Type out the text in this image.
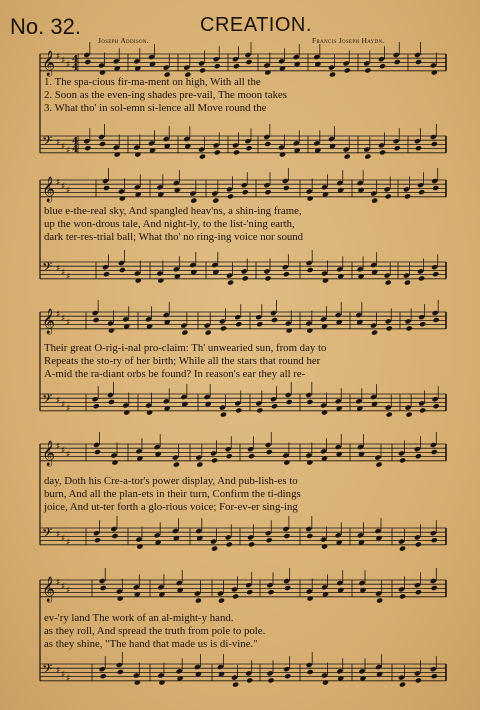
No. 32.	CREATION.
Joseph Addison.	Francis Joseph Haydn.
𝄞 ♯ ♯ ♯
𝄢 ♯ ♯ ♯
4
4
4
4
𝄞 ♯ ♯ ♯
𝄢 ♯ ♯ ♯
𝄞 ♯ ♯ ♯
𝄢 ♯ ♯ ♯
𝄞 ♯ ♯ ♯
𝄢 ♯ ♯ ♯
𝄞 ♯ ♯ ♯
𝄢 ♯ ♯ ♯
1. The spa-cious fir-ma-ment on high, With all the
2. Soon as the even-ing shades pre-vail, The moon takes
3. What tho' in sol-emn si-lence all Move round the
blue e-the-real sky, And spangled heav'ns, a shin-ing frame,
up the won-drous tale, And night-ly, to the list-'ning earth,
dark ter-res-trial ball; What tho' no ring-ing voice nor sound
Their great O-rig-i-nal pro-claim: Th' unwearied sun, from day to
Repeats the sto-ry of her birth; While all the stars that round her
A-mid the ra-diant orbs be found? In reason's ear they all re-
day, Doth his Cre-a-tor's power display, And pub-lish-es to
burn, And all the plan-ets in their turn, Confirm the ti-dings
joice, And ut-ter forth a glo-rious voice; For-ev-er sing-ing
ev-'ry land The work of an al-might-y hand.
as they roll, And spread the truth from pole to pole.
as they shine, "The hand that made us is di-vine."
